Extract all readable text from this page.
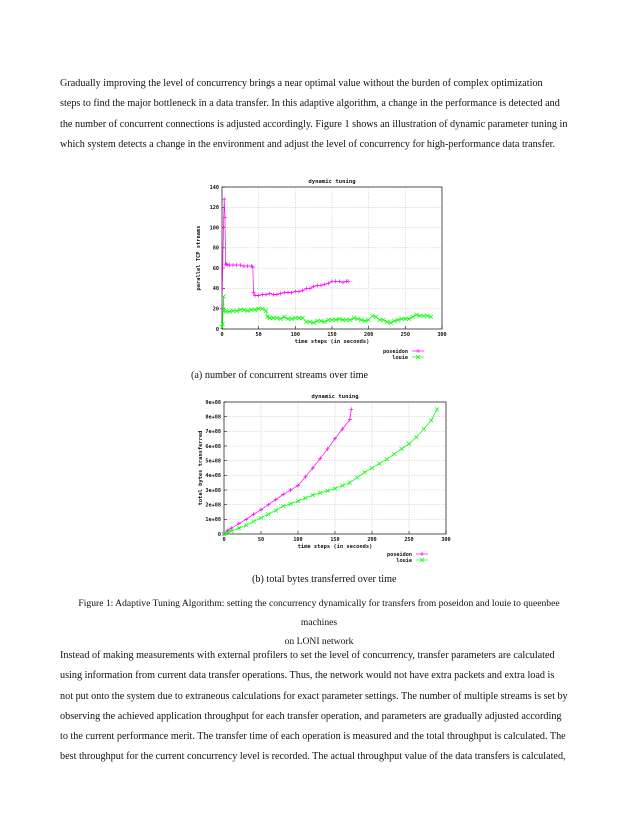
Gradually improving the level of concurrency brings a near optimal value without the burden of complex optimization
steps to find the major bottleneck in a data transfer. In this adaptive algorithm, a change in the performance is detected and
the number of concurrent connections is adjusted accordingly. Figure 1 shows an illustration of dynamic parameter tuning in
which system detects a change in the environment and adjust the level of concurrency for high-performance data transfer.
dynamic tuning
0
20
40
60
80
100
120
140
0	50	100	150	200	250	300
time steps (in seconds)
parallel TCP streams
poseidon
louie

(a) number of concurrent streams over time

dynamic tuning
0
1e+08
2e+08
3e+08
4e+08
5e+08
6e+08
7e+08
8e+08
9e+08
0	50	100	150	200	250	300
time steps (in seconds)
total bytes transferred
poseidon
louie

(b) total bytes transferred over time

Figure 1: Adaptive Tuning Algorithm: setting the concurrency dynamically for transfers from poseidon and louie to queenbee machines
on LONI network

Instead of making measurements with external profilers to set the level of concurrency, transfer parameters are calculated
using information from current data transfer operations. Thus, the network would not have extra packets and extra load is
not put onto the system due to extraneous calculations for exact parameter settings. The number of multiple streams is set by
observing the achieved application throughput for each transfer operation, and parameters are gradually adjusted according
to the current performance merit. The transfer time of each operation is measured and the total throughput is calculated. The
best throughput for the current concurrency level is recorded. The actual throughput value of the data transfers is calculated,
